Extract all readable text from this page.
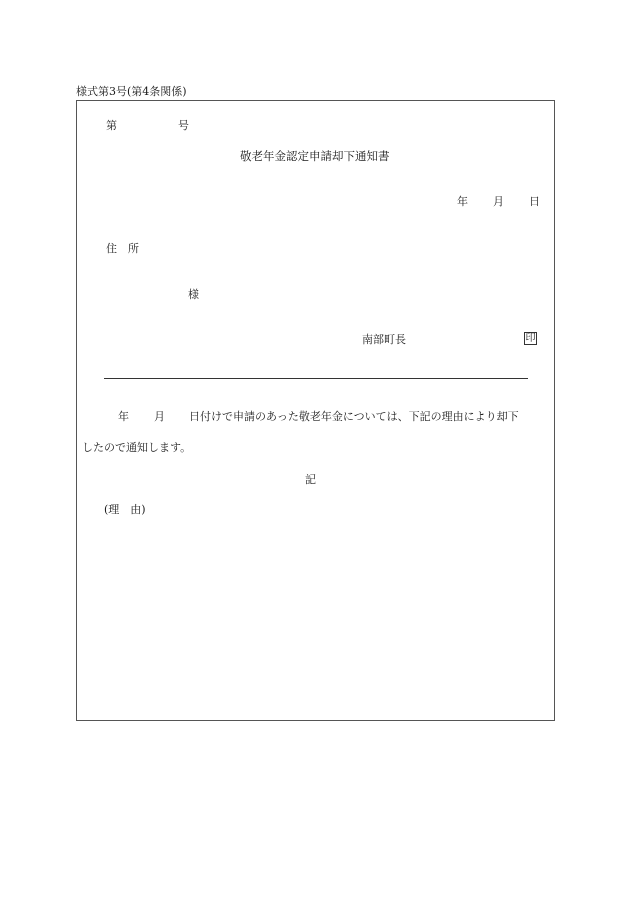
様式第3号(第4条関係)
第	号
敬老年金認定申請却下通知書
年 月 日
住　所
様
南部町長	印
年 月 日付けで申請のあった敬老年金については、下記の理由により却下
したので通知します。
記
(理　由)
